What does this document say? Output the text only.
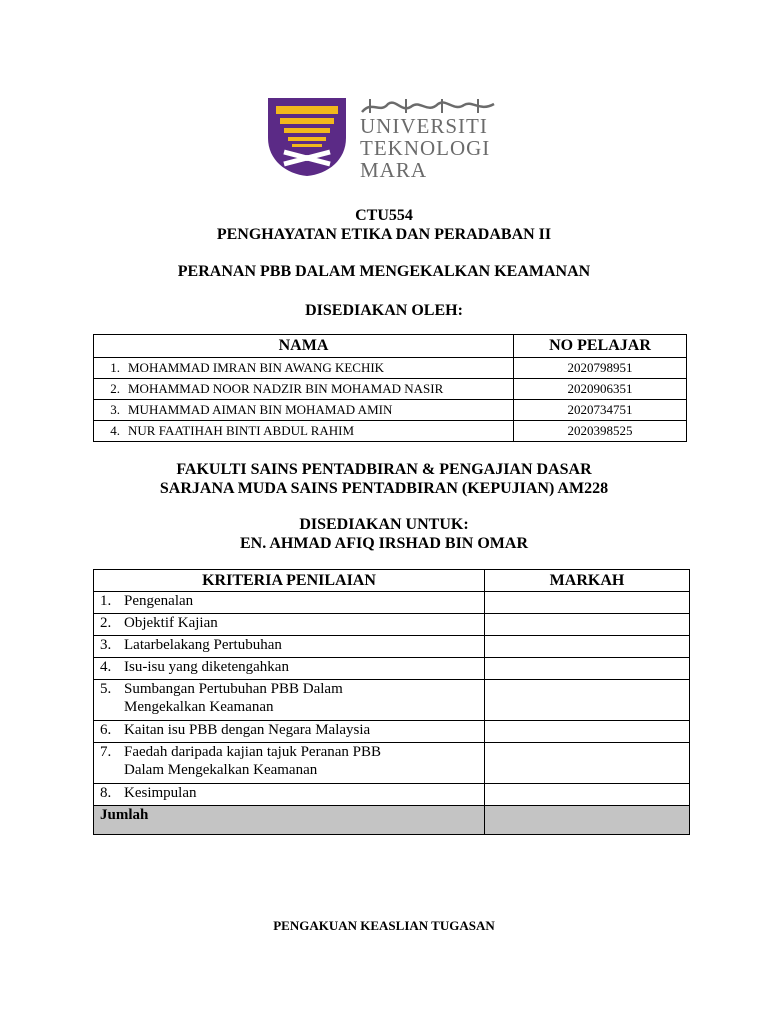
UNIVERSITI
TEKNOLOGI
MARA
CTU554
PENGHAYATAN ETIKA DAN PERADABAN II
PERANAN PBB DALAM MENGEKALKAN KEAMANAN
DISEDIAKAN OLEH:
NAMA		NO PELAJAR
1.	MOHAMMAD IMRAN BIN AWANG KECHIK	2020798951
2.	MOHAMMAD NOOR NADZIR BIN MOHAMAD NASIR	2020906351
3.	MUHAMMAD AIMAN BIN MOHAMAD AMIN	2020734751
4.	NUR FAATIHAH BINTI ABDUL RAHIM	2020398525
FAKULTI SAINS PENTADBIRAN & PENGAJIAN DASAR
SARJANA MUDA SAINS PENTADBIRAN (KEPUJIAN) AM228
DISEDIAKAN UNTUK:
EN. AHMAD AFIQ IRSHAD BIN OMAR
KRITERIA PENILAIAN	MARKAH

1. Pengenalan	

2. Objektif Kajian	

3. Latarbelakang Pertubuhan	

4. Isu-isu yang diketengahkan	

5. Sumbangan Pertubuhan PBB Dalam
Mengekalkan Keamanan	

6. Kaitan isu PBB dengan Negara Malaysia	

7. Faedah daripada kajian tajuk Peranan PBB
Dalam Mengekalkan Keamanan	

8. Kesimpulan	

Jumlah	
PENGAKUAN KEASLIAN TUGASAN
